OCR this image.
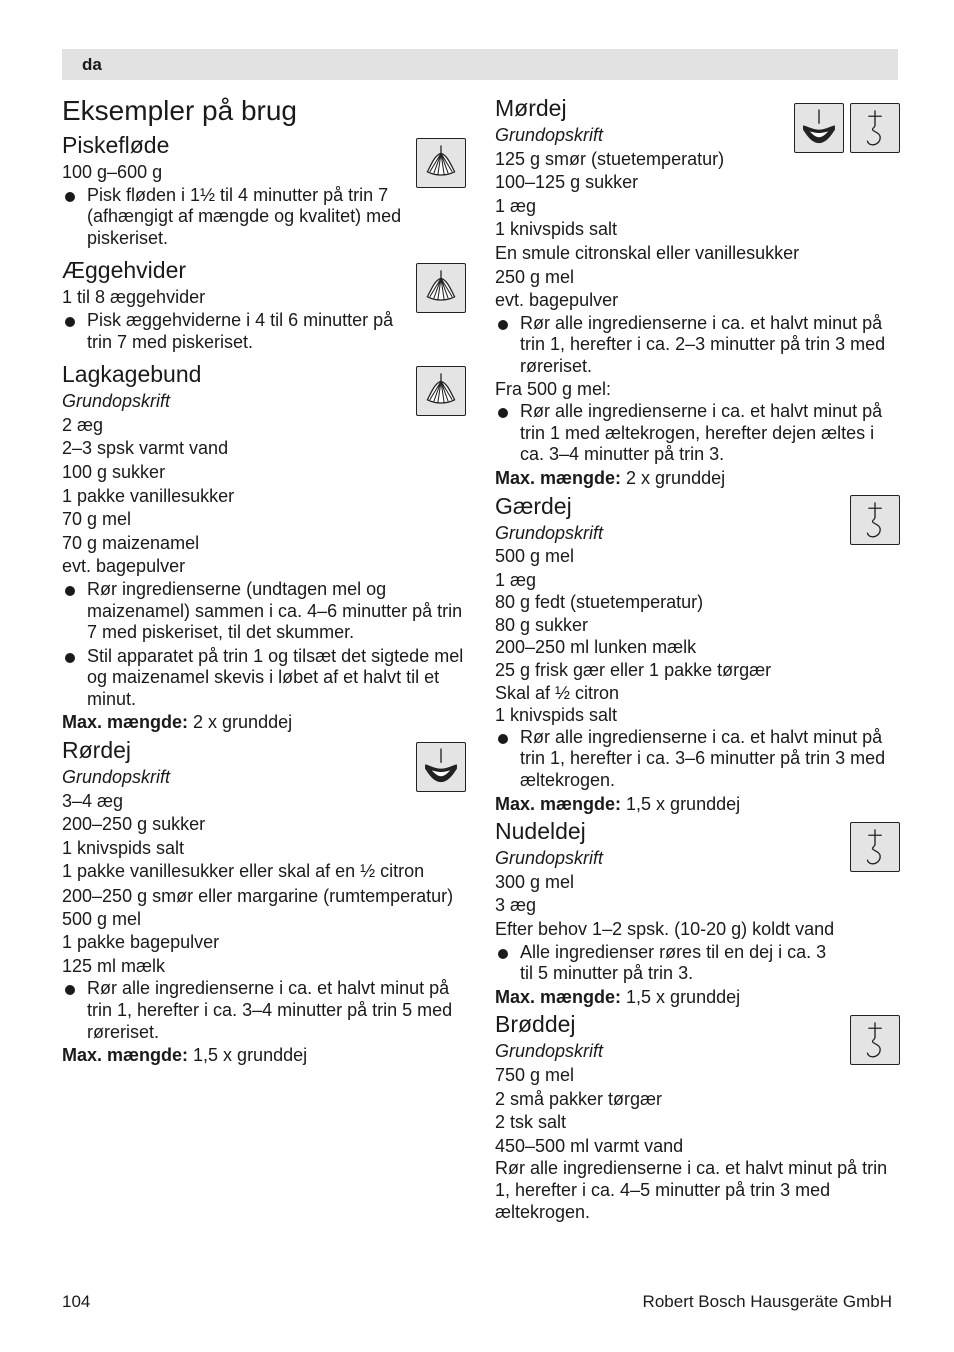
da
Eksempler på brug
Piskefløde
100 g–600 g
Pisk fløden i 1½ til 4 minutter på trin 7 (afhængigt af mængde og kvalitet) med piskeriset.
Æggehvider
1 til 8 æggehvider
Pisk æggehviderne i 4 til 6 minutter på trin 7 med piskeriset.
Lagkagebund
Grundopskrift
2 æg
2–3 spsk varmt vand
100 g sukker
1 pakke vanillesukker
70 g mel
70 g maizenamel
evt. bagepulver
Rør ingredienserne (undtagen mel og maizenamel) sammen i ca. 4–6 minutter på trin 7 med piskeriset, til det skummer.
Stil apparatet på trin 1 og tilsæt det sigtede mel og maizenamel skevis i løbet af et halvt til et minut.
Max. mængde: 2 x grunddej
Rørdej
Grundopskrift
3–4 æg
200–250 g sukker
1 knivspids salt
1 pakke vanillesukker eller skal af en ½ citron
200–250 g smør eller margarine (rumtemperatur)
500 g mel
1 pakke bagepulver
125 ml mælk
Rør alle ingredienserne i ca. et halvt minut på trin 1, herefter i ca. 3–4 minutter på trin 5 med røreriset.
Max. mængde: 1,5 x grunddej
Mørdej
Grundopskrift
125 g smør (stuetemperatur)
100–125 g sukker
1 æg
1 knivspids salt
En smule citronskal eller vanillesukker
250 g mel
evt. bagepulver
Rør alle ingredienserne i ca. et halvt minut på trin 1, herefter i ca. 2–3 minutter på trin 3 med røreriset.
Fra 500 g mel:
Rør alle ingredienserne i ca. et halvt minut på trin 1 med æltekrogen, herefter dejen æltes i ca. 3–4 minutter på trin 3.
Max. mængde: 2 x grunddej
Gærdej
Grundopskrift
500 g mel
1 æg
80 g fedt (stuetemperatur)
80 g sukker
200–250 ml lunken mælk
25 g frisk gær eller 1 pakke tørgær
Skal af ½ citron
1 knivspids salt
Rør alle ingredienserne i ca. et halvt minut på trin 1, herefter i ca. 3–6 minutter på trin 3 med æltekrogen.
Max. mængde: 1,5 x grunddej
Nudeldej
Grundopskrift
300 g mel
3 æg
Efter behov 1–2 spsk. (10-20 g) koldt vand
Alle ingredienser røres til en dej i ca. 3 til 5 minutter på trin 3.
Max. mængde: 1,5 x grunddej
Brøddej
Grundopskrift
750 g mel
2 små pakker tørgær
2 tsk salt
450–500 ml varmt vand
Rør alle ingredienserne i ca. et halvt minut på trin 1, herefter i ca. 4–5 minutter på trin 3 med æltekrogen.
104	Robert Bosch Hausgeräte GmbH
